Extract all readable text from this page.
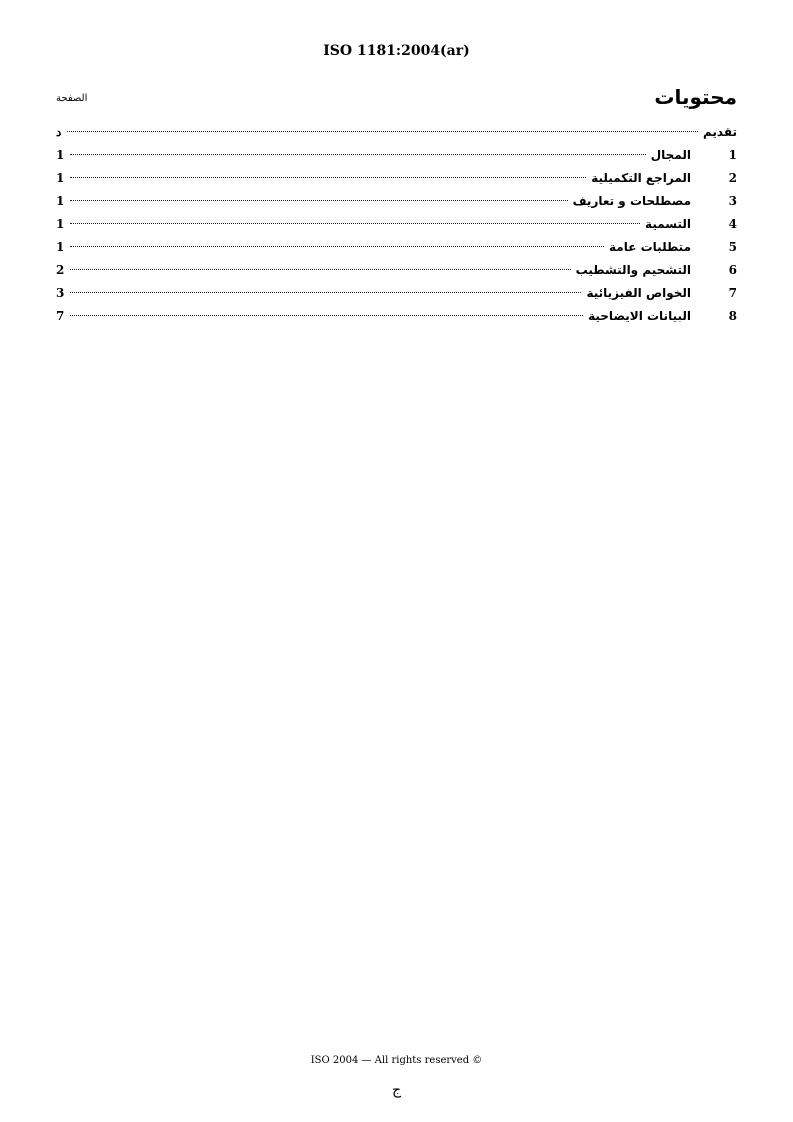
ISO 1181:2004(ar)
محتويات
الصفحة
د	تقديم
1	المجال	1
1	المراجع التكميلية	2
1	مصطلحات و تعاريف	3
1	التسمية	4
1	متطلبات عامة	5
2	التشحيم والتشطيب	6
3	الخواص الفيزيائية	7
7	البيانات الايضاحية	8
ISO 2004 — All rights reserved ©
ج
